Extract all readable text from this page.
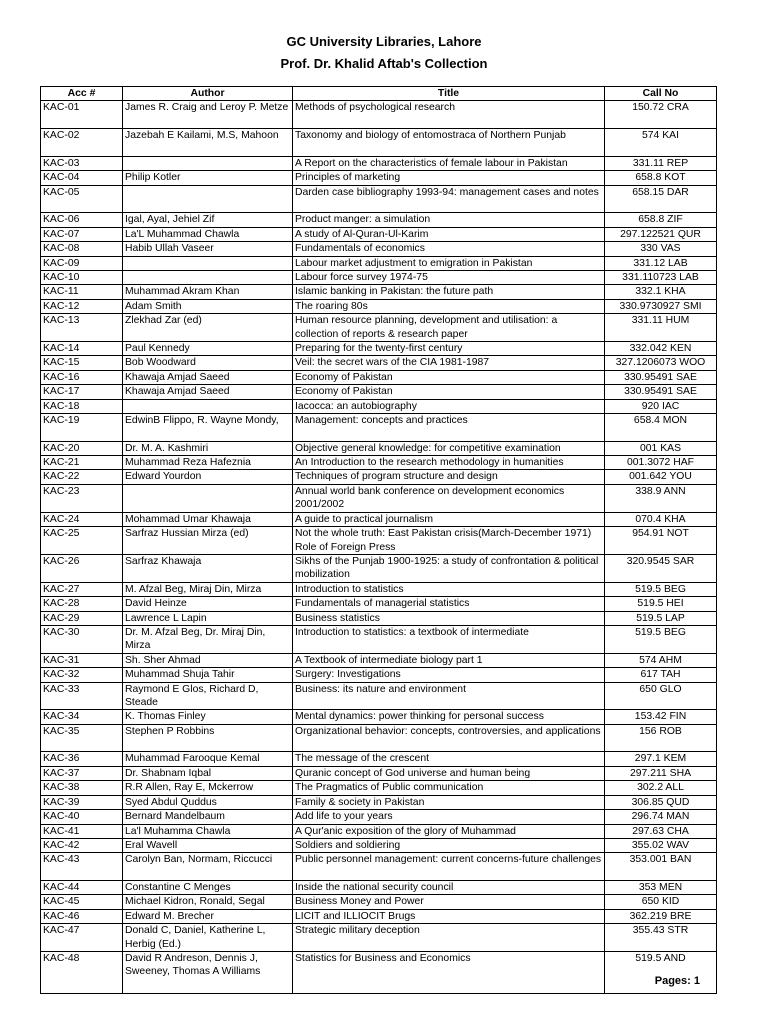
GC University Libraries, Lahore
Prof. Dr. Khalid Aftab's Collection
Acc #	Author	Title	Call No
KAC-01	James R. Craig and Leroy P. Metze	Methods of psychological research	150.72 CRA
KAC-02	Jazebah E Kailami, M.S, Mahoon	Taxonomy and biology of entomostraca of Northern Punjab	574 KAI
KAC-03		A Report on the characteristics of female labour in Pakistan	331.11 REP
KAC-04	Philip Kotler	Principles of marketing	658.8 KOT
KAC-05		Darden case bibliography 1993-94: management cases and notes	658.15 DAR
KAC-06	Igal, Ayal, Jehiel Zif	Product manger: a simulation	658.8 ZIF
KAC-07	La'L Muhammad Chawla	A study of Al-Quran-Ul-Karim	297.122521 QUR
KAC-08	Habib Ullah Vaseer	Fundamentals of economics	330 VAS
KAC-09		Labour market adjustment to emigration in Pakistan	331.12 LAB
KAC-10		Labour force survey 1974-75	331.110723 LAB
KAC-11	Muhammad Akram Khan	Islamic banking in Pakistan: the future path	332.1 KHA
KAC-12	Adam Smith	The roaring 80s	330.9730927 SMI
KAC-13	Zlekhad Zar (ed)	Human resource planning, development and utilisation: a collection of reports & research paper	331.11 HUM
KAC-14	Paul Kennedy	Preparing for the twenty-first century	332.042 KEN
KAC-15	Bob Woodward	Veil: the secret wars of the CIA 1981-1987	327.1206073 WOO
KAC-16	Khawaja Amjad Saeed	Economy of Pakistan	330.95491 SAE
KAC-17	Khawaja Amjad Saeed	Economy of Pakistan	330.95491 SAE
KAC-18		Iacocca: an autobiography	920 IAC
KAC-19	EdwinB Flippo, R. Wayne Mondy,	Management: concepts and practices	658.4 MON
KAC-20	Dr. M. A. Kashmiri	Objective general knowledge: for competitive examination	001 KAS
KAC-21	Muhammad Reza Hafeznia	An Introduction to the research methodology in humanities	001.3072 HAF
KAC-22	Edward Yourdon	Techniques of program structure and design	001.642 YOU
KAC-23		Annual world bank conference on development economics 2001/2002	338.9 ANN
KAC-24	Mohammad Umar Khawaja	A guide to practical journalism	070.4 KHA
KAC-25	Sarfraz Hussian Mirza (ed)	Not the whole truth: East Pakistan crisis(March-December 1971) Role of Foreign Press	954.91 NOT
KAC-26	Sarfraz Khawaja	Sikhs of the Punjab 1900-1925: a study of confrontation & political mobilization	320.9545 SAR
KAC-27	M. Afzal Beg, Miraj Din, Mirza	Introduction to statistics	519.5 BEG
KAC-28	David Heinze	Fundamentals of managerial statistics	519.5 HEI
KAC-29	Lawrence L Lapin	Business statistics	519.5 LAP
KAC-30	Dr. M. Afzal Beg, Dr. Miraj Din, Mirza	Introduction to statistics: a textbook of intermediate	519.5 BEG
KAC-31	Sh. Sher Ahmad	A Textbook of intermediate biology part 1	574 AHM
KAC-32	Muhammad Shuja Tahir	Surgery: Investigations	617 TAH
KAC-33	Raymond E Glos, Richard D, Steade	Business: its nature and environment	650 GLO
KAC-34	K. Thomas Finley	Mental dynamics: power thinking for personal success	153.42 FIN
KAC-35	Stephen P Robbins	Organizational behavior: concepts, controversies, and applications	156 ROB
KAC-36	Muhammad Farooque Kemal	The message of the crescent	297.1 KEM
KAC-37	Dr. Shabnam Iqbal	Quranic concept of God universe and human being	297.211 SHA
KAC-38	R.R Allen, Ray E, Mckerrow	The Pragmatics of Public communication	302.2 ALL
KAC-39	Syed Abdul Quddus	Family & society in Pakistan	306.85 QUD
KAC-40	Bernard Mandelbaum	Add life to your years	296.74 MAN
KAC-41	La'l Muhamma Chawla	A Qur'anic exposition of the glory of Muhammad	297.63 CHA
KAC-42	Eral Wavell	Soldiers and soldiering	355.02 WAV
KAC-43	Carolyn Ban, Normam, Riccucci	Public personnel management: current concerns-future challenges	353.001 BAN
KAC-44	Constantine C Menges	Inside the national security council	353 MEN
KAC-45	Michael Kidron, Ronald, Segal	Business Money and Power	650 KID
KAC-46	Edward M. Brecher	LICIT and ILLIOCIT Brugs	362.219 BRE
KAC-47	Donald C, Daniel, Katherine L, Herbig (Ed.)	Strategic military deception	355.43 STR
KAC-48	David R Andreson, Dennis J, Sweeney, Thomas A Williams	Statistics for Business and Economics	519.5 AND
Pages: 1
